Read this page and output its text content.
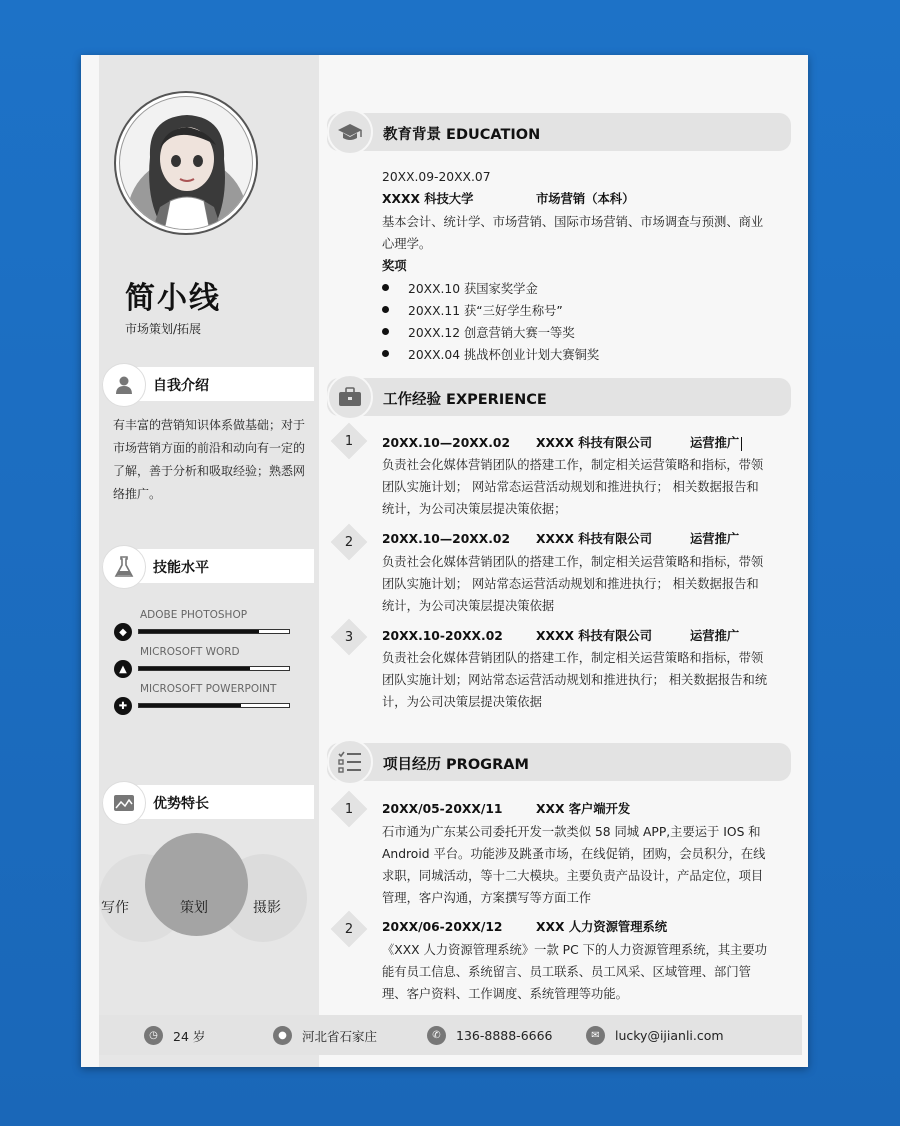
简小线
市场策划/拓展
自我介绍
有丰富的营销知识体系做基础；对于市场营销方面的前沿和动向有一定的了解，善于分析和吸取经验；熟悉网络推广。
技能水平
◆
ADOBE PHOTOSHOP
▲
MICROSOFT WORD
✚
MICROSOFT POWERPOINT
优势特长
写作	策划	摄影
教育背景 EDUCATION
20XX.09-20XX.07
XXXX 科技大学	市场营销（本科）
基本会计、统计学、市场营销、国际市场营销、市场调查与预测、商业心理学。
奖项
20XX.10 获国家奖学金
20XX.11 获“三好学生称号”
20XX.12 创意营销大赛一等奖
20XX.04 挑战杯创业计划大赛铜奖
工作经验 EXPERIENCE
1	20XX.10—20XX.02 XXXX 科技有限公司	运营推广
负责社会化媒体营销团队的搭建工作，制定相关运营策略和指标，带领团队实施计划； 网站常态运营活动规划和推进执行； 相关数据报告和统计，为公司决策层提决策依据；
2	20XX.10—20XX.02 XXXX 科技有限公司	运营推广
负责社会化媒体营销团队的搭建工作，制定相关运营策略和指标，带领团队实施计划； 网站常态运营活动规划和推进执行； 相关数据报告和统计，为公司决策层提决策依据
3	20XX.10-20XX.02	XXXX 科技有限公司	运营推广
负责社会化媒体营销团队的搭建工作，制定相关运营策略和指标，带领团队实施计划；网站常态运营活动规划和推进执行； 相关数据报告和统计，为公司决策层提决策依据
项目经历 PROGRAM
1	20XX/05-20XX/11	XXX 客户端开发
石市通为广东某公司委托开发一款类似 58 同城 APP,主要运于 IOS 和 Android 平台。功能涉及跳蚤市场，在线促销，团购，会员积分，在线求职，同城活动，等十二大模块。主要负责产品设计，产品定位，项目管理，客户沟通，方案撰写等方面工作
2	20XX/06-20XX/12	XXX 人力资源管理系统
《XXX 人力资源管理系统》一款 PC 下的人力资源管理系统，其主要功能有员工信息、系统留言、员工联系、员工风采、区域管理、部门管理、客户资料、工作调度、系统管理等功能。
◷	24 岁	●	河北省石家庄	✆	136-8888-6666	✉	lucky@ijianli.com
